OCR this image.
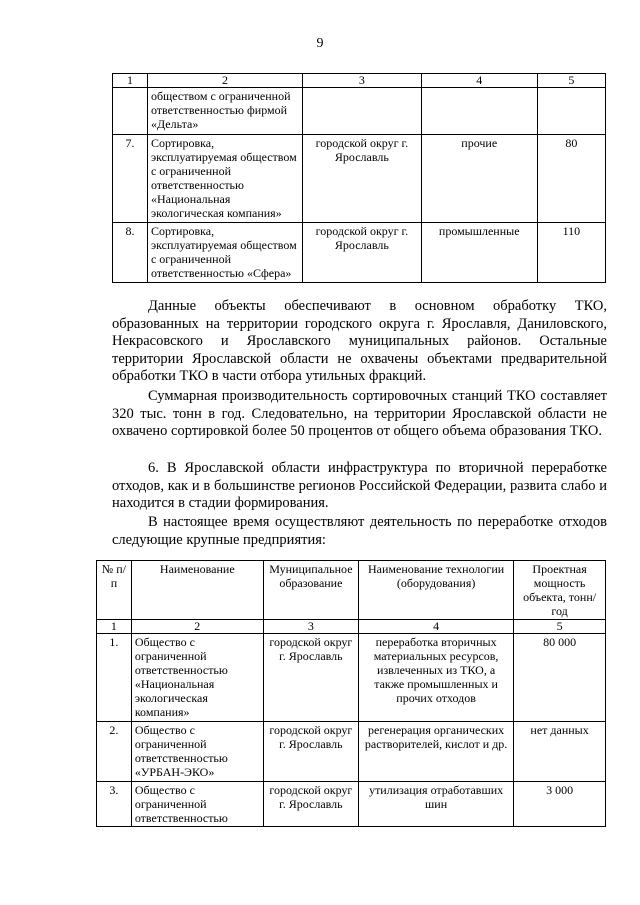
9
1	2	3	4	5
	обществом с ограниченной ответственностью фирмой «Дельта»			
7.	Сортировка, эксплуатируемая обществом с ограниченной ответственностью «Национальная экологическая компания»	городской округ г. Ярославль	прочие	80
8.	Сортировка, эксплуатируемая обществом с ограниченной ответственностью «Сфера»	городской округ г. Ярославль	промышленные	110

Данные объекты обеспечивают в основном обработку ТКО, образованных на территории городского округа г. Ярославля, Даниловского, Некрасовского и Ярославского муниципальных районов. Остальные территории Ярославской области не охвачены объектами предварительной обработки ТКО в части отбора утильных фракций.

Суммарная производительность сортировочных станций ТКО составляет 320 тыс. тонн в год. Следовательно, на территории Ярославской области не охвачено сортировкой более 50 процентов от общего объема образования ТКО.

6. В Ярославской области инфраструктура по вторичной переработке отходов, как и в большинстве регионов Российской Федерации, развита слабо и находится в стадии формирования.

В настоящее время осуществляют деятельность по переработке отходов следующие крупные предприятия:

№ п/п	Наименование	Муниципальное образование	Наименование технологии (оборудования)	Проектная мощность объекта, тонн/год
1	2	3	4	5
1.	Общество с ограниченной ответственностью «Национальная экологическая компания»	городской округ г. Ярославль	переработка вторичных материальных ресурсов, извлеченных из ТКО, а также промышленных и прочих отходов	80 000
2.	Общество с ограниченной ответственностью «УРБАН-ЭКО»	городской округ г. Ярославль	регенерация органических растворителей, кислот и др.	нет данных
3.	Общество с ограниченной ответственностью	городской округ г. Ярославль	утилизация отработавших шин	3 000
